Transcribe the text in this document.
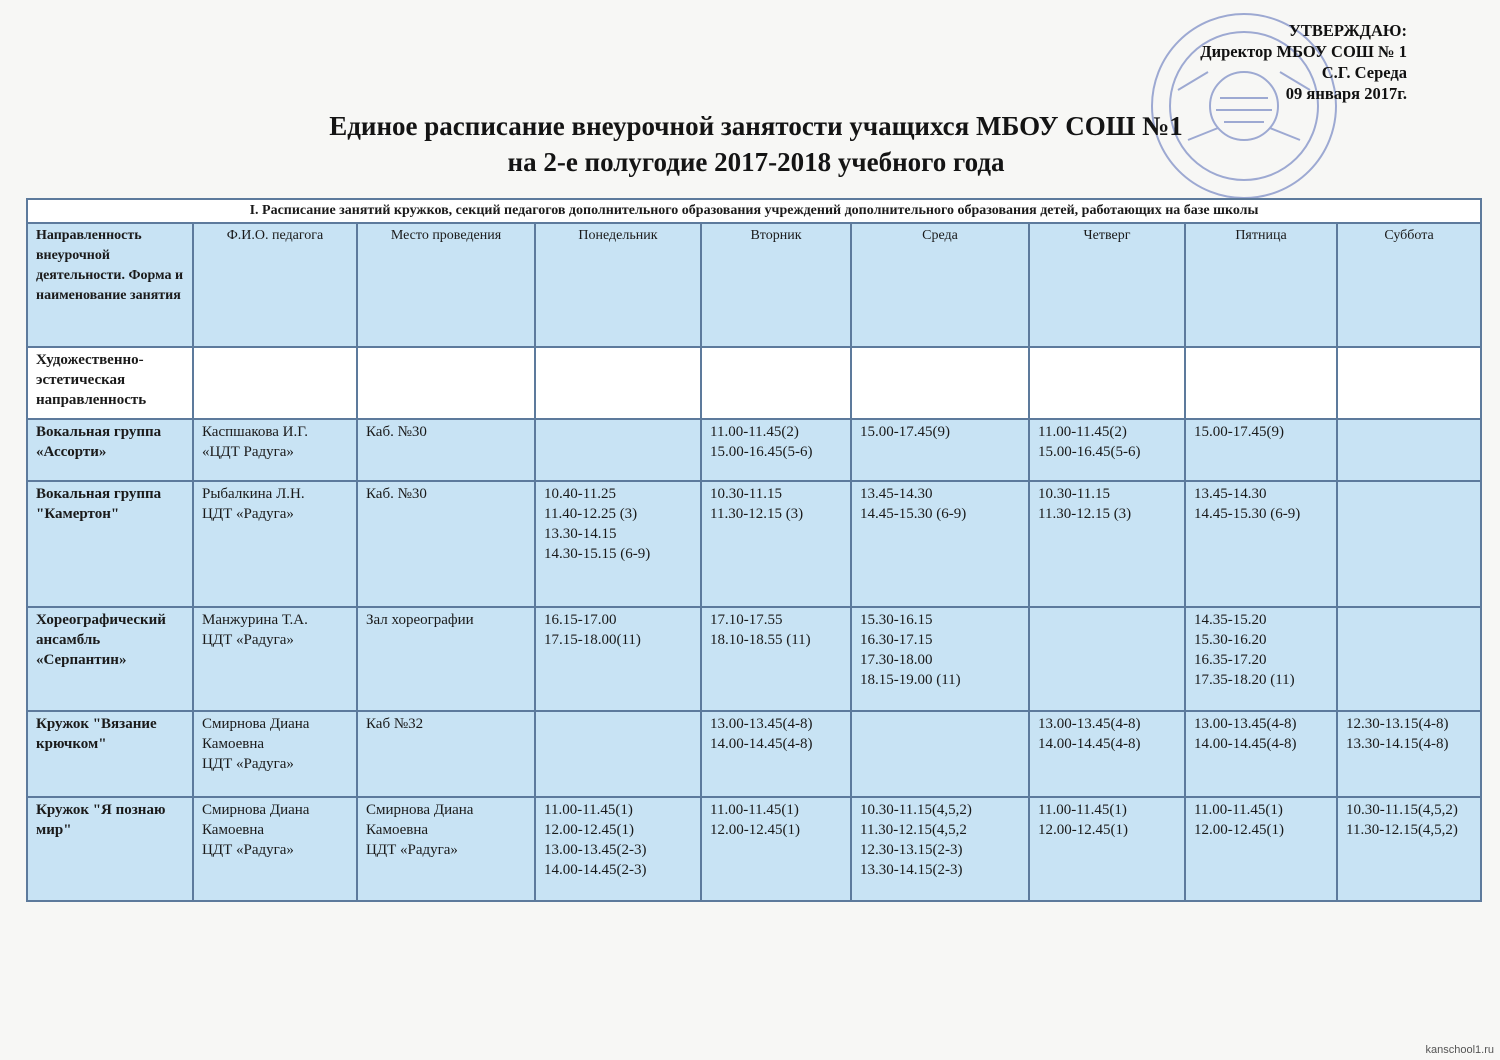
УТВЕРЖДАЮ:
Директор МБОУ СОШ № 1
С.Г. Середа
09 января 2017г.
Единое расписание внеурочной занятости учащихся МБОУ СОШ №1
на 2-е полугодие 2017-2018 учебного года
I. Расписание занятий кружков, секций педагогов дополнительного образования учреждений дополнительного образования детей, работающих на базе школы								
Направленность внеурочной деятельности. Форма и наименование занятия	Ф.И.О. педагога	Место проведения	Понедельник	Вторник	Среда	Четверг	Пятница	Суббота
Художественно-эстетическая направленность								
Вокальная группа «Ассорти»	Каспшакова И.Г.
«ЦДТ Радуга»	Каб. №30		11.00-11.45(2)
15.00-16.45(5-6)	15.00-17.45(9)	11.00-11.45(2)
15.00-16.45(5-6)	15.00-17.45(9)	

Вокальная группа "Камертон"	Рыбалкина Л.Н.
ЦДТ «Радуга»	Каб. №30	10.40-11.25
11.40-12.25 (3)
13.30-14.15
14.30-15.15 (6-9)	10.30-11.15
11.30-12.15 (3)	13.45-14.30
14.45-15.30 (6-9)	10.30-11.15
11.30-12.15 (3)	13.45-14.30
14.45-15.30 (6-9)	

Хореографический ансамбль «Серпантин»	Манжурина Т.А.
ЦДТ «Радуга»	Зал хореографии	16.15-17.00
17.15-18.00(11)	17.10-17.55
18.10-18.55 (11)	15.30-16.15
16.30-17.15
17.30-18.00
18.15-19.00 (11)		14.35-15.20
15.30-16.20
16.35-17.20
17.35-18.20 (11)	

Кружок "Вязание крючком"	Смирнова Диана Камоевна
ЦДТ «Радуга»	Каб №32		13.00-13.45(4-8)
14.00-14.45(4-8)		13.00-13.45(4-8)
14.00-14.45(4-8)	13.00-13.45(4-8)
14.00-14.45(4-8)	12.30-13.15(4-8)
13.30-14.15(4-8)

Кружок "Я познаю мир"	Смирнова Диана Камоевна
ЦДТ «Радуга»	Смирнова Диана Камоевна
ЦДТ «Радуга»	11.00-11.45(1)
12.00-12.45(1)
13.00-13.45(2-3)
14.00-14.45(2-3)	11.00-11.45(1)
12.00-12.45(1)	10.30-11.15(4,5,2)
11.30-12.15(4,5,2
12.30-13.15(2-3)
13.30-14.15(2-3)	11.00-11.45(1)
12.00-12.45(1)	11.00-11.45(1)
12.00-12.45(1)	10.30-11.15(4,5,2)
11.30-12.15(4,5,2)
kanschool1.ru
